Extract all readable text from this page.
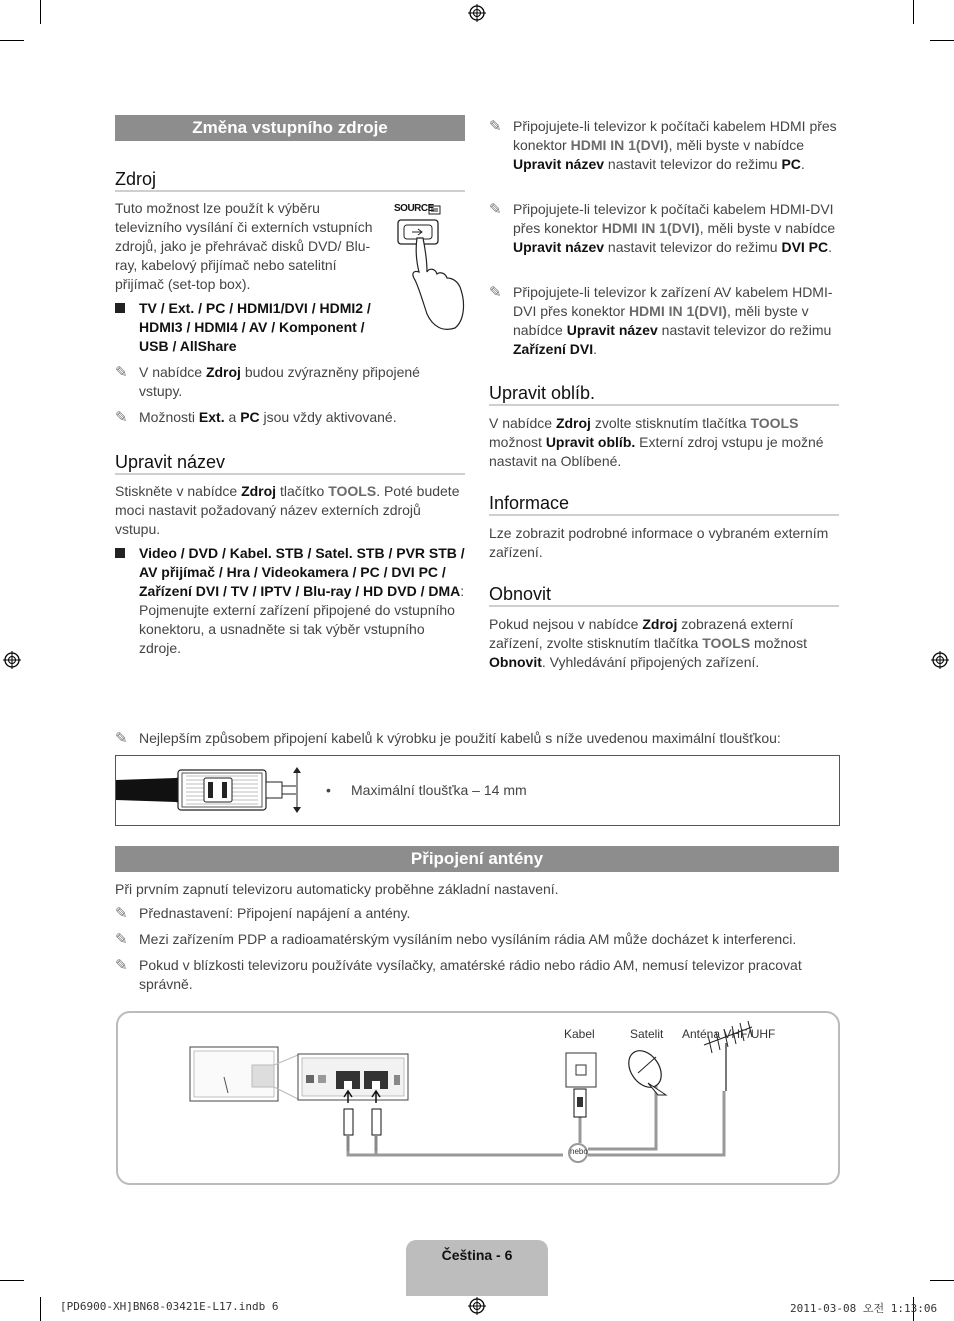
Změna vstupního zdroje
Zdroj

Tuto možnost lze použít k výběru televizního vysílání či externích vstupních zdrojů, jako je přehrávač disků DVD/ Blu-ray, kabelový přijímač nebo satelitní přijímač (set-top box).

SOURCE
TV / Ext. / PC / HDMI1/DVI / HDMI2 / HDMI3 / HDMI4 / AV / Komponent / USB / AllShare
✎ V nabídce Zdroj budou zvýrazněny připojené vstupy.
✎ Možnosti Ext. a PC jsou vždy aktivované.
Upravit název

Stiskněte v nabídce Zdroj tlačítko TOOLS. Poté budete moci nastavit požadovaný název externích zdrojů vstupu.

Video / DVD / Kabel. STB / Satel. STB / PVR STB / AV přijímač / Hra / Videokamera / PC / DVI PC / Zařízení DVI / TV / IPTV / Blu-ray / HD DVD / DMA: Pojmenujte externí zařízení připojené do vstupního konektoru, a usnadněte si tak výběr vstupního zdroje.
✎ Připojujete-li televizor k počítači kabelem HDMI přes konektor HDMI IN 1(DVI), měli byste v nabídce Upravit název nastavit televizor do režimu PC.
✎ Připojujete-li televizor k počítači kabelem HDMI-DVI přes konektor HDMI IN 1(DVI), měli byste v nabídce Upravit název nastavit televizor do režimu DVI PC.
✎ Připojujete-li televizor k zařízení AV kabelem HDMI-DVI přes konektor HDMI IN 1(DVI), měli byste v nabídce Upravit název nastavit televizor do režimu Zařízení DVI.
Upravit oblíb.

V nabídce Zdroj zvolte stisknutím tlačítka TOOLS možnost Upravit oblíb. Externí zdroj vstupu je možné nastavit na Oblíbené.

Informace

Lze zobrazit podrobné informace o vybraném externím zařízení.

Obnovit

Pokud nejsou v nabídce Zdroj zobrazená externí zařízení, zvolte stisknutím tlačítka TOOLS možnost Obnovit. Vyhledávání připojených zařízení.

✎ Nejlepším způsobem připojení kabelů k výrobku je použití kabelů s níže uvedenou maximální tloušťkou:
• Maximální tloušťka – 14 mm
Připojení antény

Při prvním zapnutí televizoru automaticky proběhne základní nastavení.

✎ Přednastavení: Připojení napájení a antény.
✎ Mezi zařízením PDP a radioamatérským vysíláním nebo vysíláním rádia AM může docházet k interferenci.
✎ Pokud v blízkosti televizoru používáte vysílačky, amatérské rádio nebo rádio AM, nemusí televizor pracovat správně.
Kabel	Satelit Anténa VHF/UHF
nebo
Čeština - 6
[PD6900-XH]BN68-03421E-L17.indb 6	2011-03-08 오전 1:13:06
